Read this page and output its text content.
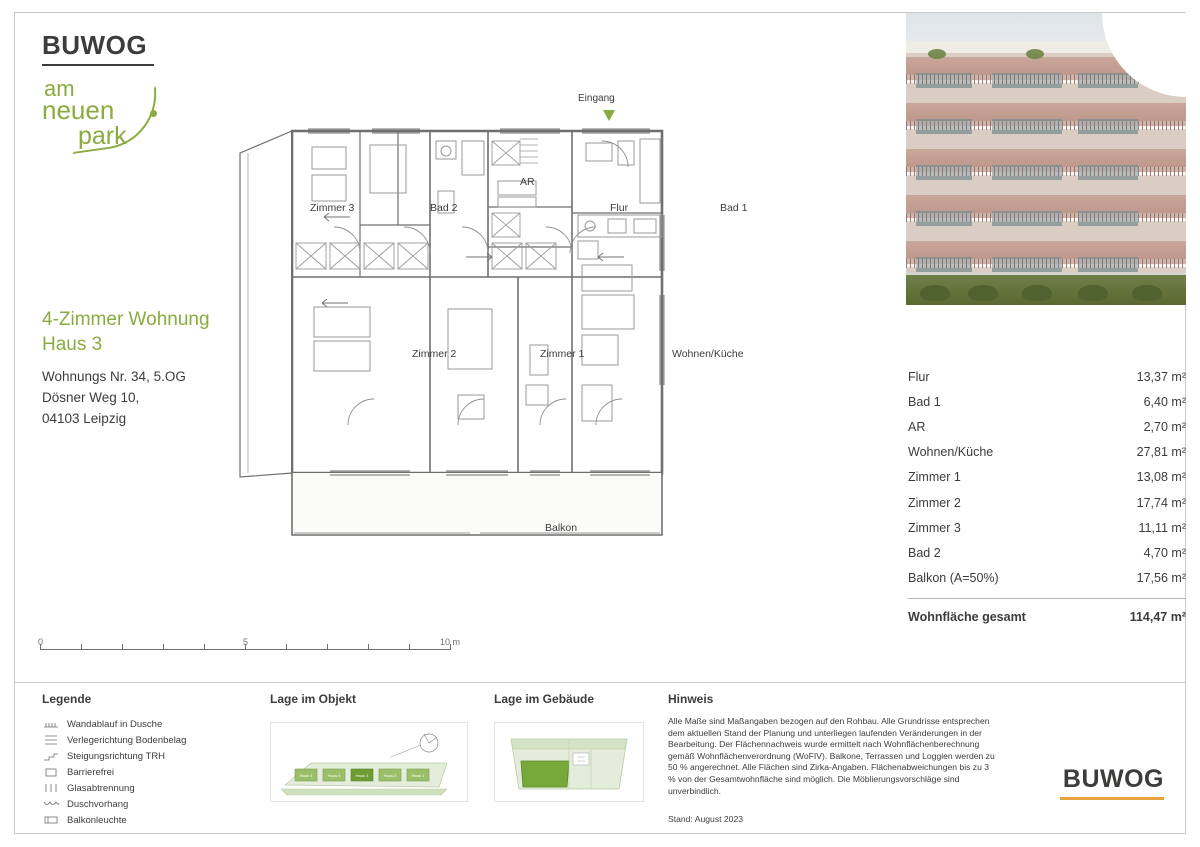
BUWOG
am
neuen
park
4-Zimmer Wohnung
Haus 3
Wohnungs Nr. 34, 5.OG
Dösner Weg 10,
04103 Leipzig
0	5	10 m
Eingang
Zimmer 3	Bad 2
AR
Flur	Bad 1
Zimmer 2	Zimmer 1	Wohnen/Küche
Balkon
Flur	13,37 m²
Bad 1	6,40 m²
AR	2,70 m²
Wohnen/Küche	27,81 m²
Zimmer 1	13,08 m²
Zimmer 2	17,74 m²
Zimmer 3	11,11 m²
Bad 2	4,70 m²
Balkon (A=50%)	17,56 m²
Wohnfläche gesamt	114,47 m²
Legende
Wandablauf in Dusche
Verlegerichtung Bodenbelag
Steigungsrichtung TRH
Barrierefrei
Glasabtrennung
Duschvorhang
Balkonleuchte
Lage im Objekt
Haus 4	Haus 4	Haus 3	Haus 2	Haus 1
Lage im Gebäude	Hinweis

Alle Maße sind Maßangaben bezogen auf den Rohbau. Alle Grundrisse entsprechen dem aktuellen Stand der Planung und unterliegen laufenden Veränderungen in der Bearbeitung. Der Flächennachweis wurde ermittelt nach Wohnflächenberechnung gemäß Wohnflächenverordnung (WoFIV). Balkone, Terrassen und Loggien werden zu 50 % angerechnet. Alle Flächen sind Zirka-Angaben. Flächenabweichungen bis zu 3 % von der Gesamtwohnfläche sind möglich. Die Möblierungsvorschläge sind unverbindlich.

Stand: August 2023
BUWOG
